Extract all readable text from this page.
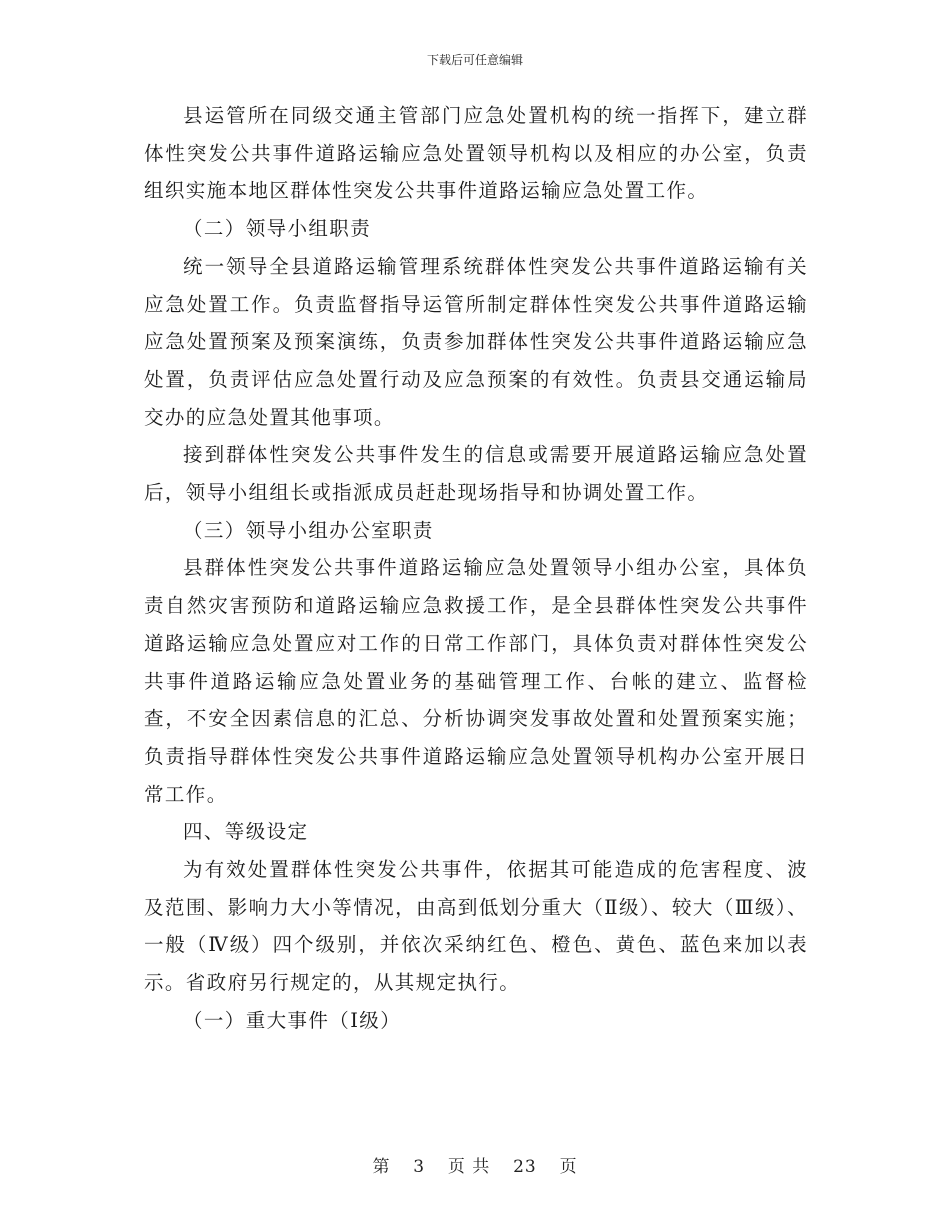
下载后可任意编辑

县运管所在同级交通主管部门应急处置机构的统一指挥下，建立群体性突发公共事件道路运输应急处置领导机构以及相应的办公室，负责组织实施本地区群体性突发公共事件道路运输应急处置工作。

（二）领导小组职责

统一领导全县道路运输管理系统群体性突发公共事件道路运输有关应急处置工作。负责监督指导运管所制定群体性突发公共事件道路运输应急处置预案及预案演练，负责参加群体性突发公共事件道路运输应急处置，负责评估应急处置行动及应急预案的有效性。负责县交通运输局交办的应急处置其他事项。

接到群体性突发公共事件发生的信息或需要开展道路运输应急处置后，领导小组组长或指派成员赶赴现场指导和协调处置工作。

（三）领导小组办公室职责

县群体性突发公共事件道路运输应急处置领导小组办公室，具体负责自然灾害预防和道路运输应急救援工作，是全县群体性突发公共事件道路运输应急处置应对工作的日常工作部门，具体负责对群体性突发公共事件道路运输应急处置业务的基础管理工作、台帐的建立、监督检查，不安全因素信息的汇总、分析协调突发事故处置和处置预案实施；负责指导群体性突发公共事件道路运输应急处置领导机构办公室开展日常工作。

四、等级设定

为有效处置群体性突发公共事件，依据其可能造成的危害程度、波及范围、影响力大小等情况，由高到低划分重大（Ⅱ级）、较大（Ⅲ级）、一般（Ⅳ级）四个级别，并依次采纳红色、橙色、黄色、蓝色来加以表示。省政府另行规定的，从其规定执行。

（一）重大事件（Ⅰ级）

第 3 页 共 23 页
